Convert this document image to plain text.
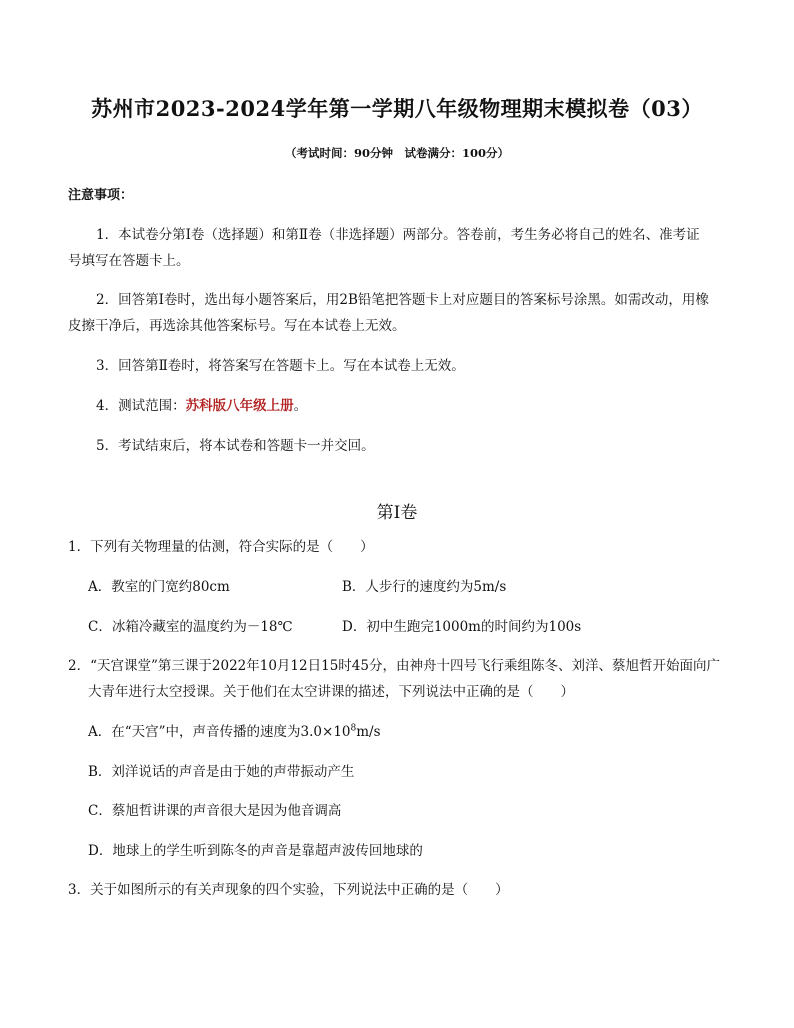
苏州市2023-2024学年第一学期八年级物理期末模拟卷（03）
（考试时间：90分钟　试卷满分：100分）
注意事项：
1．本试卷分第Ⅰ卷（选择题）和第Ⅱ卷（非选择题）两部分。答卷前，考生务必将自己的姓名、准考证
号填写在答题卡上。
2．回答第Ⅰ卷时，选出每小题答案后，用2B铅笔把答题卡上对应题目的答案标号涂黑。如需改动，用橡
皮擦干净后，再选涂其他答案标号。写在本试卷上无效。
3．回答第Ⅱ卷时，将答案写在答题卡上。写在本试卷上无效。
4．测试范围：苏科版八年级上册。
5．考试结束后，将本试卷和答题卡一并交回。
第Ⅰ卷
1．下列有关物理量的估测，符合实际的是（　　）
A．教室的门宽约80cm	B．人步行的速度约为5m/s
C．冰箱冷藏室的温度约为－18℃	D．初中生跑完1000m的时间约为100s
2．“天宫课堂”第三课于2022年10月12日15时45分，由神舟十四号飞行乘组陈冬、刘洋、蔡旭哲开始面向广
大青年进行太空授课。关于他们在太空讲课的描述，下列说法中正确的是（　　）
A．在“天宫”中，声音传播的速度为$3.0\times 10^8m/s$
B．刘洋说话的声音是由于她的声带振动产生
C．蔡旭哲讲课的声音很大是因为他音调高
D．地球上的学生听到陈冬的声音是靠超声波传回地球的
3．关于如图所示的有关声现象的四个实验，下列说法中正确的是（　　）
